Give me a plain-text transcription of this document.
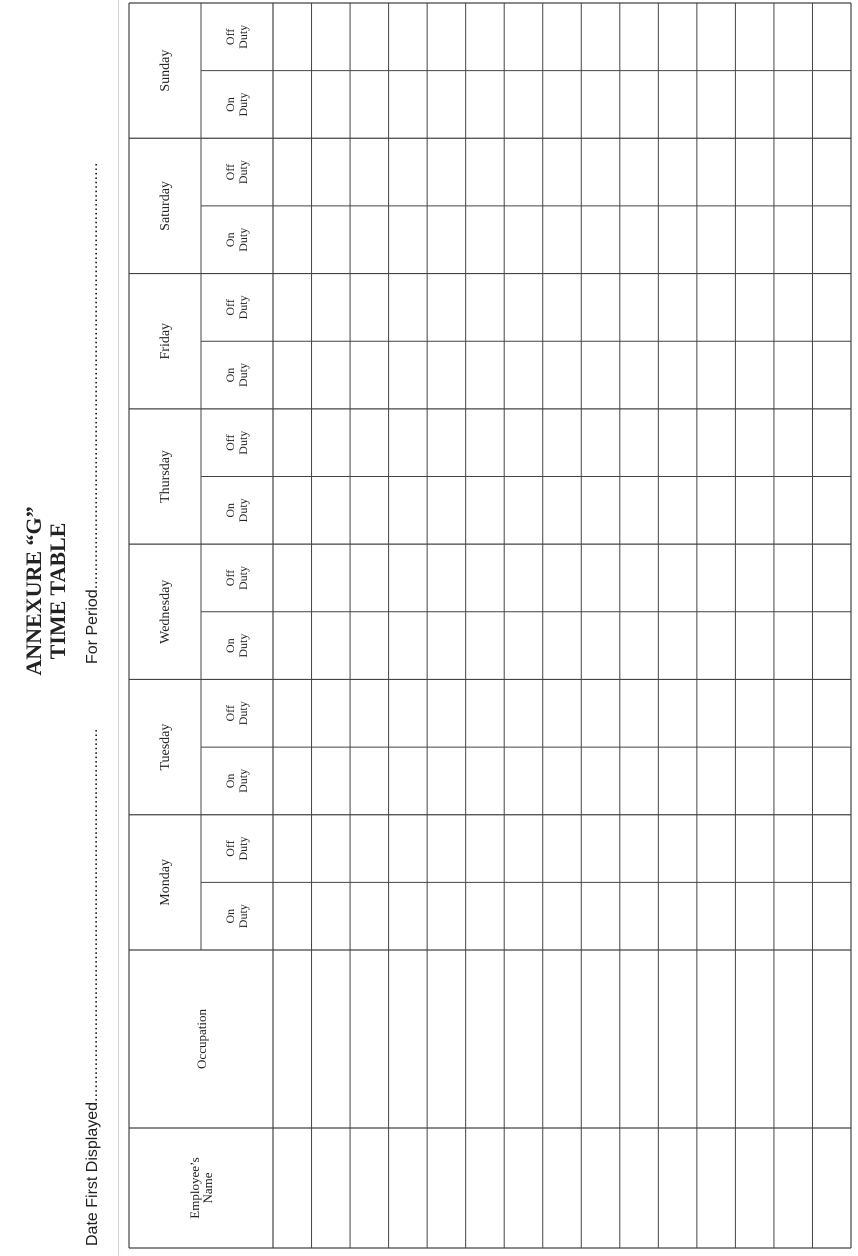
ANNEXURE “G” TIME TABLE
Date First Displayed....................................................................................
For Period................................................................................................
Employee’s Name
Occupation
Monday
On Duty
Off Duty
Tuesday
On Duty
Off Duty
Wednesday
On Duty
Off Duty
Thursday
On Duty
Off Duty
Friday
On Duty
Off Duty
Saturday
On Duty
Off Duty
Sunday
On Duty
Off Duty
